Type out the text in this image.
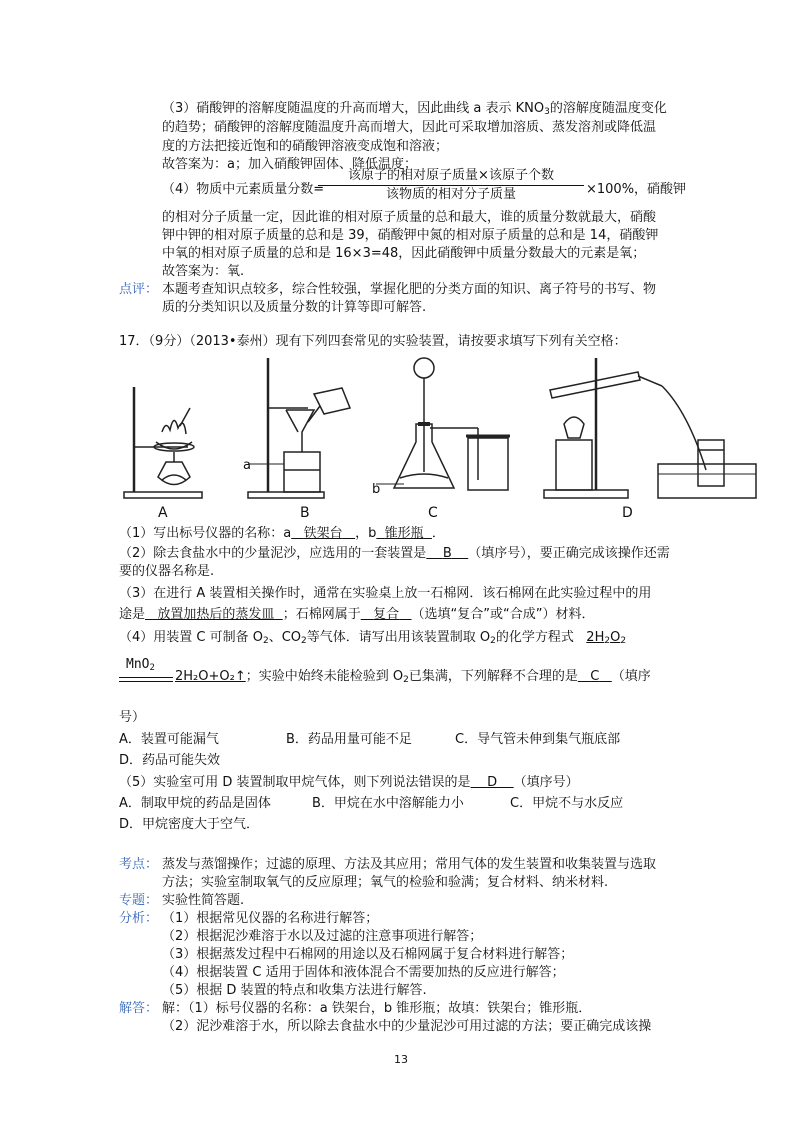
（3）硝酸钾的溶解度随温度的升高而增大，因此曲线 a 表示 $KNO_3$的溶解度随温度变化
的趋势；硝酸钾的溶解度随温度升高而增大，因此可采取增加溶质、蒸发溶剂或降低温
度的方法把接近饱和的硝酸钾溶液变成饱和溶液；
故答案为：a；加入硝酸钾固体、降低温度；
（4）物质中元素质量分数=
该原子的相对原子质量×该原子个数
该物质的相对分子质量	×100%，硝酸钾
的相对分子质量一定，因此谁的相对原子质量的总和最大，谁的质量分数就最大，硝酸
钾中钾的相对原子质量的总和是 39，硝酸钾中氮的相对原子质量的总和是 14，硝酸钾
中氧的相对原子质量的总和是 16×3=48，因此硝酸钾中质量分数最大的元素是氧；
故答案为：氧.
点评： 本题考查知识点较多，综合性较强，掌握化肥的分类方面的知识、离子符号的书写、物
质的分类知识以及质量分数的计算等即可解答.
17．（9分）（2013•泰州）现有下列四套常见的实验装置，请按要求填写下列有关空格：
a
b
A	B	C	D
（1）写出标号仪器的名称：a 铁架台 ，b 锥形瓶 ．
（2）除去食盐水中的少量泥沙，应选用的一套装置是 B （填序号），要正确完成该操作还需
要的仪器名称是.
（3）在进行 A 装置相关操作时，通常在实验桌上放一石棉网．该石棉网在此实验过程中的用
途是 放置加热后的蒸发皿 ；石棉网属于 复合 （选填“复合”或“合成”）材料．
（4）用装置 C 可制备 $O_2$、$CO_2$等气体．请写出用该装置制取 $O_2$的化学方程式 $2H_2O_2$
MnO$_2$
2H₂O+O₂↑；实验中始终未能检验到 $O_2$已集满，下列解释不合理的是 C （填序
号）
A．装置可能漏气	B．药品用量可能不足	C．导气管未伸到集气瓶底部
D．药品可能失效
（5）实验室可用 D 装置制取甲烷气体，则下列说法错误的是 D （填序号）
A．制取甲烷的药品是固体	B．甲烷在水中溶解能力小	C．甲烷不与水反应
D．甲烷密度大于空气．
考点： 蒸发与蒸馏操作；过滤的原理、方法及其应用；常用气体的发生装置和收集装置与选取
方法；实验室制取氧气的反应原理；氧气的检验和验满；复合材料、纳米材料.
专题： 实验性简答题.
分析： （1）根据常见仪器的名称进行解答；
（2）根据泥沙难溶于水以及过滤的注意事项进行解答；
（3）根据蒸发过程中石棉网的用途以及石棉网属于复合材料进行解答；
（4）根据装置 C 适用于固体和液体混合不需要加热的反应进行解答；
（5）根据 D 装置的特点和收集方法进行解答.
解答： 解：（1）标号仪器的名称：a 铁架台，b 锥形瓶；故填：铁架台；锥形瓶．
（2）泥沙难溶于水，所以除去食盐水中的少量泥沙可用过滤的方法；要正确完成该操
13
